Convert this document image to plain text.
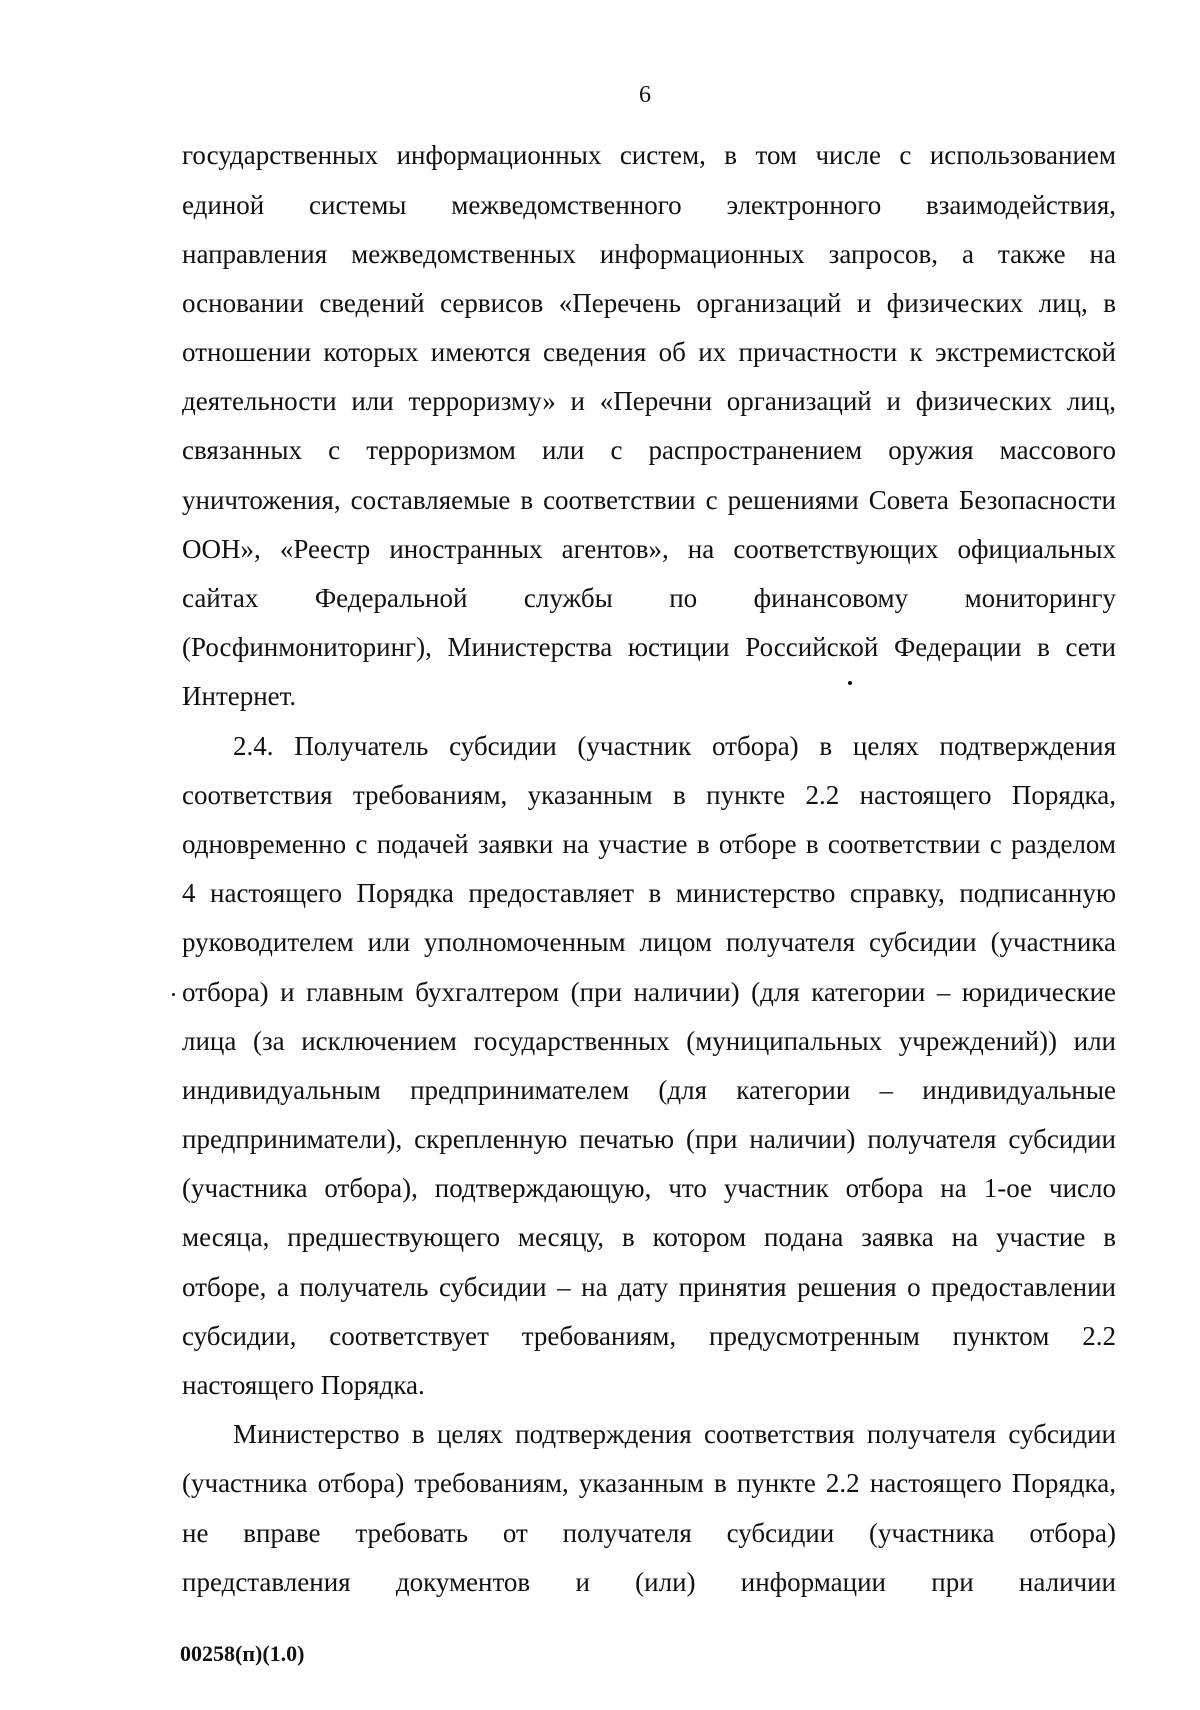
6
государственных информационных систем, в том числе с использованием
единой системы межведомственного электронного взаимодействия,
направления межведомственных информационных запросов, а также на
основании сведений сервисов «Перечень организаций и физических лиц, в
отношении которых имеются сведения об их причастности к экстремистской
деятельности или терроризму» и «Перечни организаций и физических лиц,
связанных с терроризмом или с распространением оружия массового
уничтожения, составляемые в соответствии с решениями Совета Безопасности
ООН», «Реестр иностранных агентов», на соответствующих официальных
сайтах Федеральной службы по финансовому мониторингу
(Росфинмониторинг), Министерства юстиции Российской Федерации в сети
Интернет.
2.4. Получатель субсидии (участник отбора) в целях подтверждения
соответствия требованиям, указанным в пункте 2.2 настоящего Порядка,
одновременно с подачей заявки на участие в отборе в соответствии с разделом
4 настоящего Порядка предоставляет в министерство справку, подписанную
руководителем или уполномоченным лицом получателя субсидии (участника
отбора) и главным бухгалтером (при наличии) (для категории – юридические
лица (за исключением государственных (муниципальных учреждений)) или
индивидуальным предпринимателем (для категории – индивидуальные
предприниматели), скрепленную печатью (при наличии) получателя субсидии
(участника отбора), подтверждающую, что участник отбора на 1-ое число
месяца, предшествующего месяцу, в котором подана заявка на участие в
отборе, а получатель субсидии – на дату принятия решения о предоставлении
субсидии, соответствует требованиям, предусмотренным пунктом 2.2
настоящего Порядка.
Министерство в целях подтверждения соответствия получателя субсидии
(участника отбора) требованиям, указанным в пункте 2.2 настоящего Порядка,
не вправе требовать от получателя субсидии (участника отбора)
представления документов и (или) информации при наличии
00258(п)(1.0)
